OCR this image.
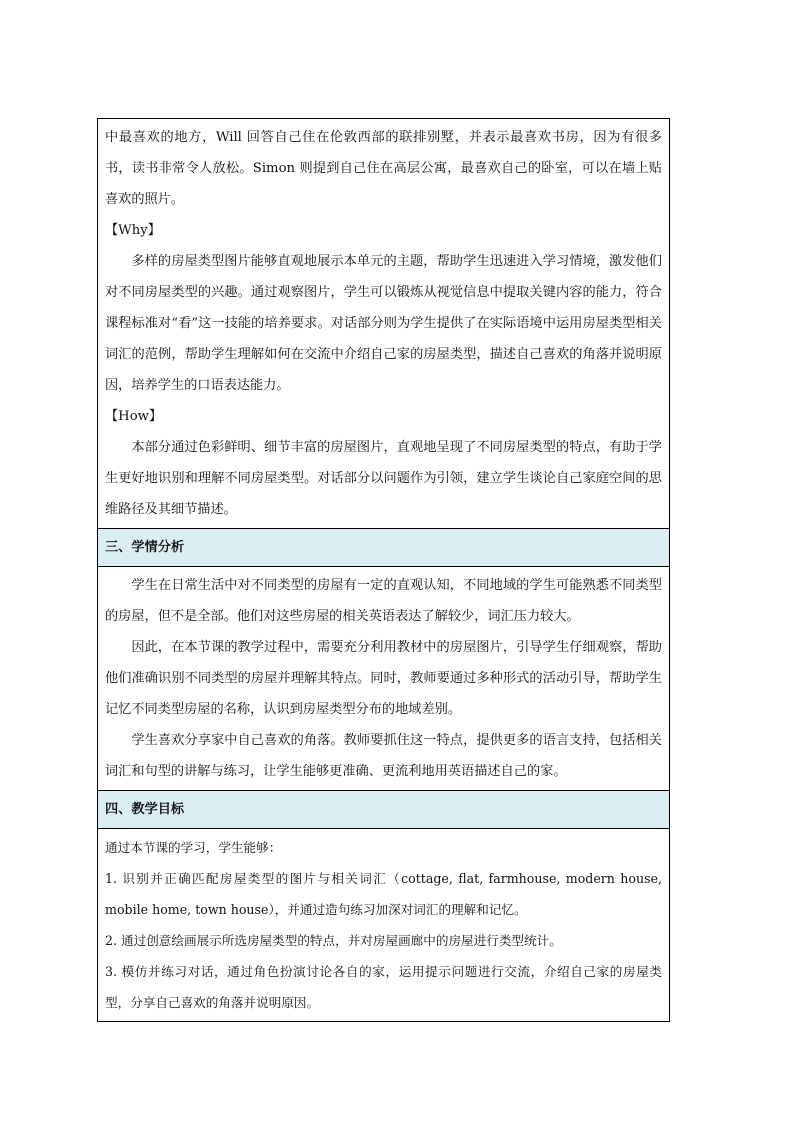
中最喜欢的地方，Will 回答自己住在伦敦西部的联排别墅，并表示最喜欢书房，因为有很多书，读书非常令人放松。Simon 则提到自己住在高层公寓，最喜欢自己的卧室，可以在墙上贴喜欢的照片。

【Why】

多样的房屋类型图片能够直观地展示本单元的主题，帮助学生迅速进入学习情境，激发他们对不同房屋类型的兴趣。通过观察图片，学生可以锻炼从视觉信息中提取关键内容的能力，符合课程标准对“看”这一技能的培养要求。对话部分则为学生提供了在实际语境中运用房屋类型相关词汇的范例，帮助学生理解如何在交流中介绍自己家的房屋类型，描述自己喜欢的角落并说明原因，培养学生的口语表达能力。

【How】

本部分通过色彩鲜明、细节丰富的房屋图片，直观地呈现了不同房屋类型的特点，有助于学生更好地识别和理解不同房屋类型。对话部分以问题作为引领，建立学生谈论自己家庭空间的思维路径及其细节描述。

三、学情分析

学生在日常生活中对不同类型的房屋有一定的直观认知，不同地域的学生可能熟悉不同类型的房屋，但不是全部。他们对这些房屋的相关英语表达了解较少，词汇压力较大。

因此，在本节课的教学过程中，需要充分利用教材中的房屋图片，引导学生仔细观察，帮助他们准确识别不同类型的房屋并理解其特点。同时，教师要通过多种形式的活动引导，帮助学生记忆不同类型房屋的名称，认识到房屋类型分布的地域差别。

学生喜欢分享家中自己喜欢的角落。教师要抓住这一特点，提供更多的语言支持，包括相关词汇和句型的讲解与练习，让学生能够更准确、更流利地用英语描述自己的家。

四、教学目标

通过本节课的学习，学生能够：

1. 识别并正确匹配房屋类型的图片与相关词汇（cottage, flat, farmhouse, modern house, mobile home, town house），并通过造句练习加深对词汇的理解和记忆。

2. 通过创意绘画展示所选房屋类型的特点，并对房屋画廊中的房屋进行类型统计。

3. 模仿并练习对话，通过角色扮演讨论各自的家，运用提示问题进行交流，介绍自己家的房屋类型，分享自己喜欢的角落并说明原因。
